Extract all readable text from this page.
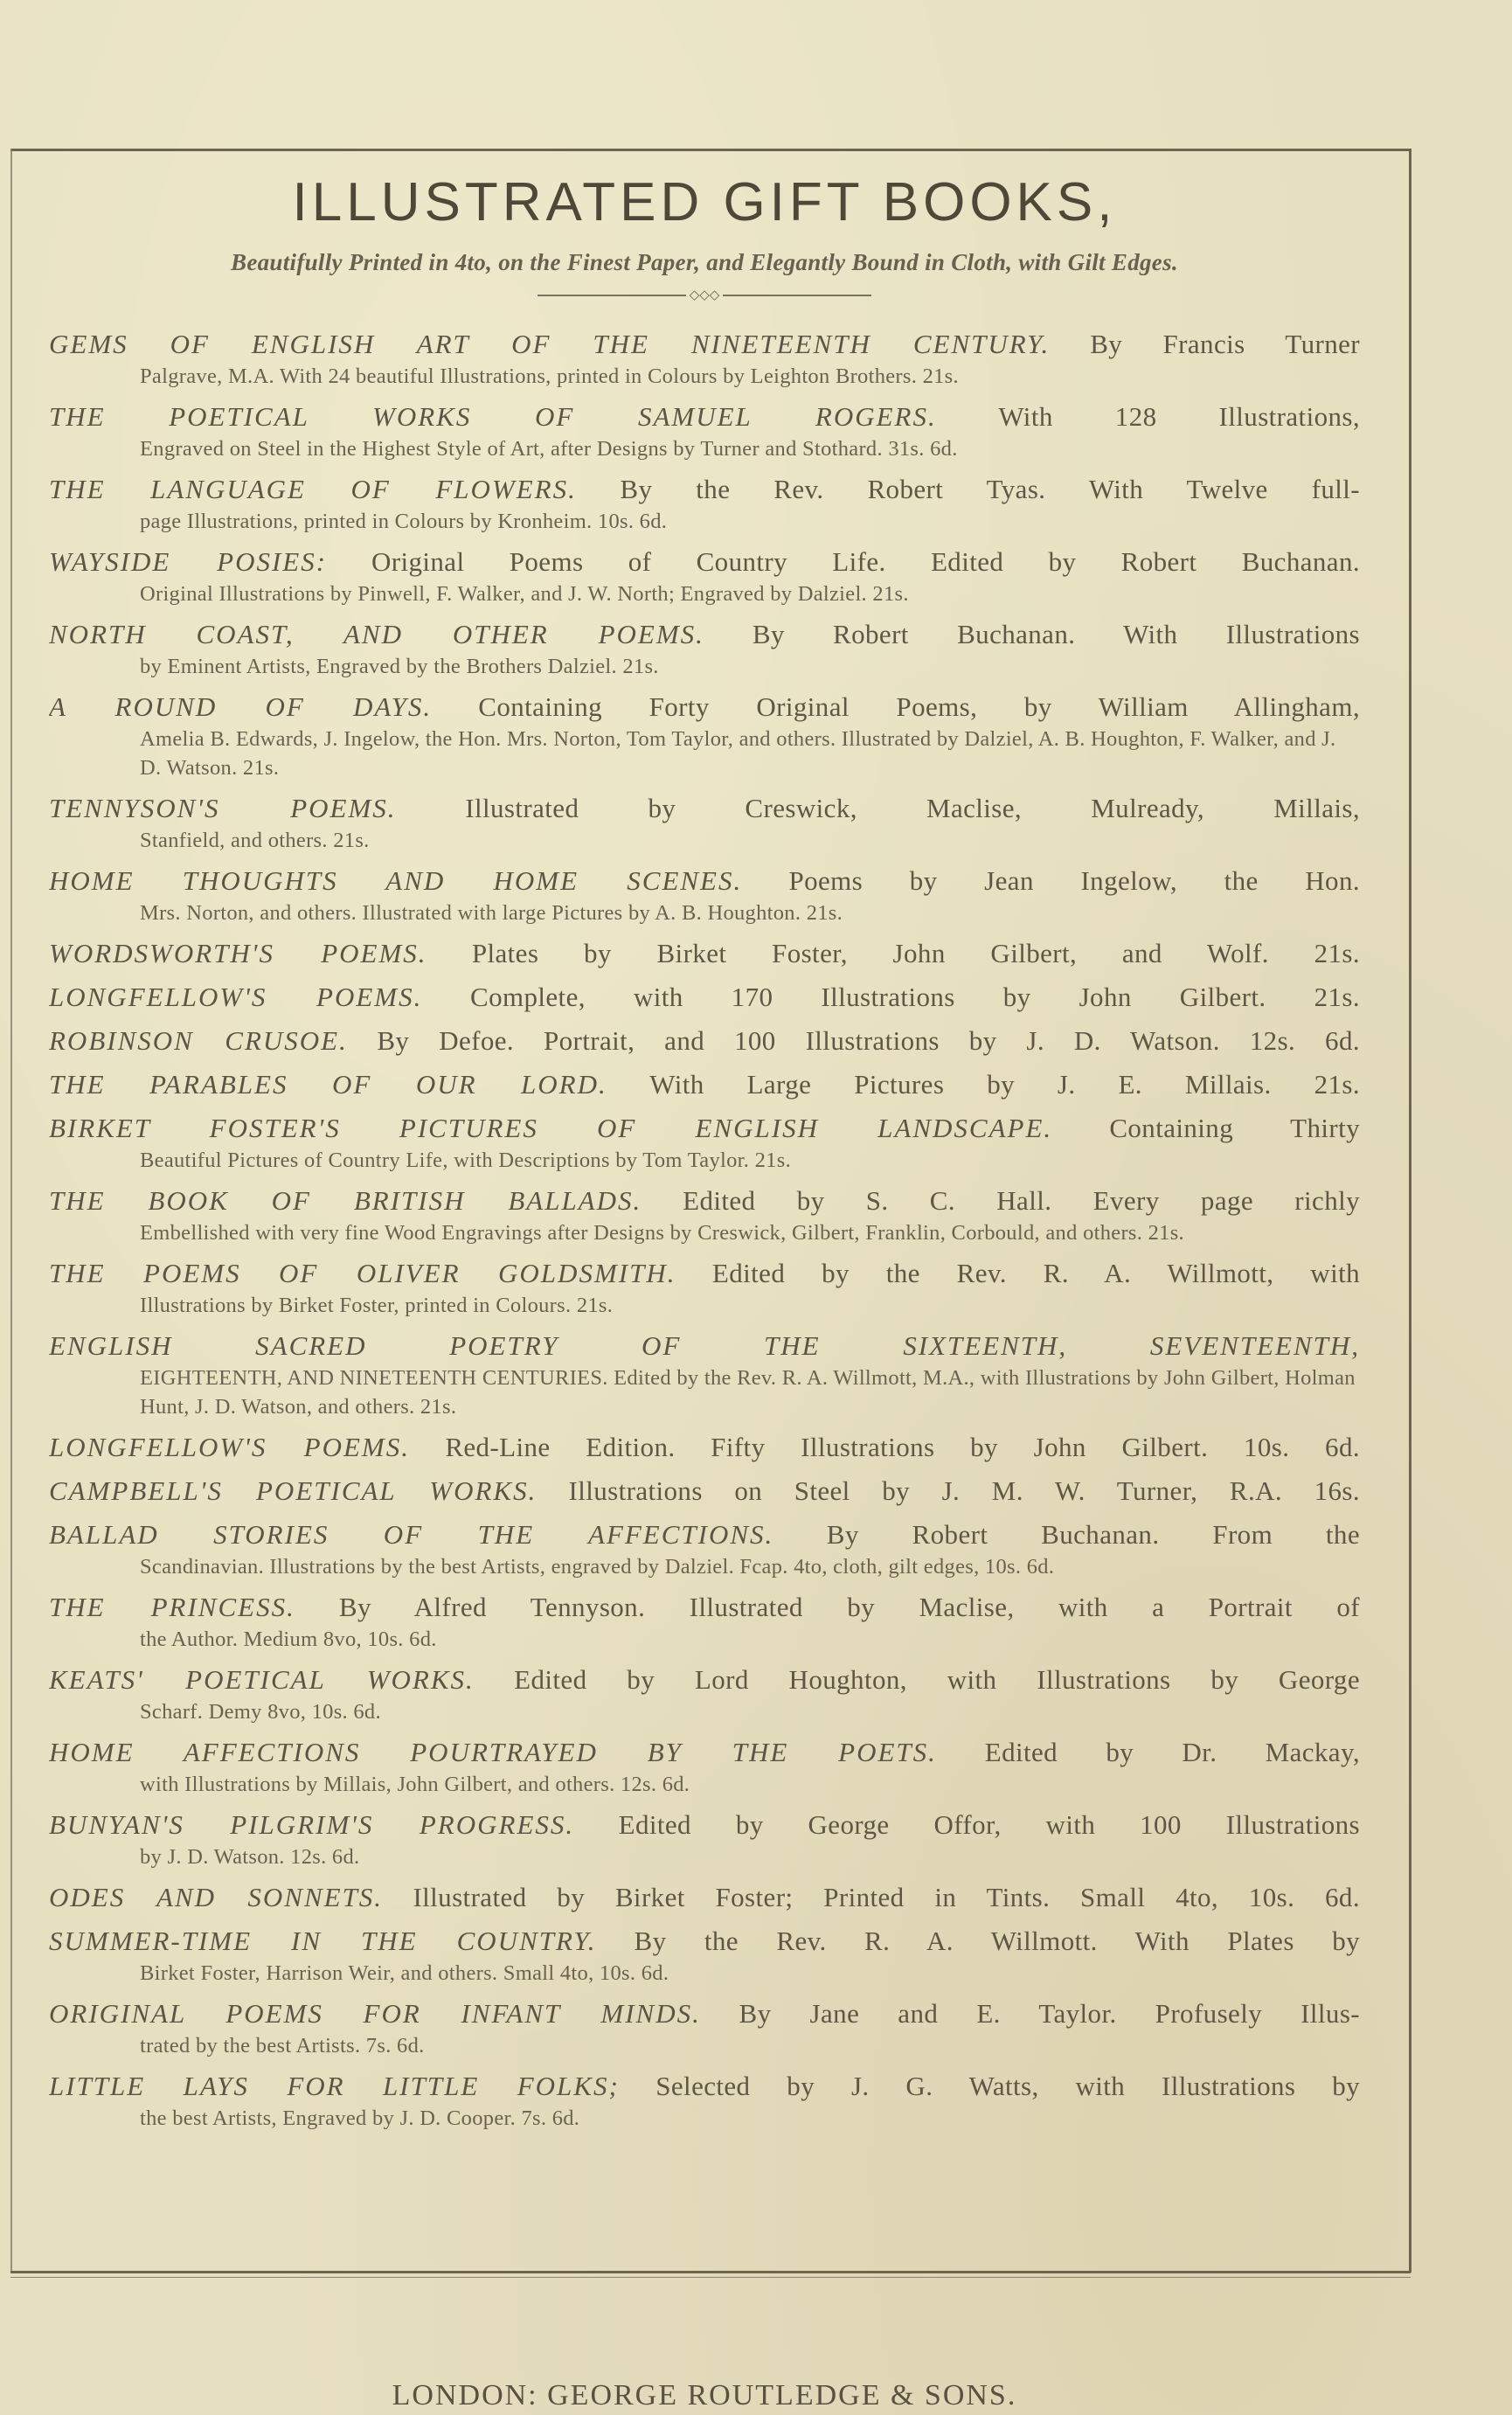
ILLUSTRATED GIFT BOOKS,
Beautifully Printed in 4to, on the Finest Paper, and Elegantly Bound in Cloth, with Gilt Edges.
◇◇◇
GEMS OF ENGLISH ART OF THE NINETEENTH CENTURY. By Francis Turner
Palgrave, M.A. With 24 beautiful Illustrations, printed in Colours by Leighton Brothers. 21s.
THE POETICAL WORKS OF SAMUEL ROGERS. With 128 Illustrations,
Engraved on Steel in the Highest Style of Art, after Designs by Turner and Stothard. 31s. 6d.
THE LANGUAGE OF FLOWERS. By the Rev. Robert Tyas. With Twelve full-
page Illustrations, printed in Colours by Kronheim. 10s. 6d.
WAYSIDE POSIES: Original Poems of Country Life. Edited by Robert Buchanan.
Original Illustrations by Pinwell, F. Walker, and J. W. North; Engraved by Dalziel. 21s.
NORTH COAST, AND OTHER POEMS. By Robert Buchanan. With Illustrations
by Eminent Artists, Engraved by the Brothers Dalziel. 21s.
A ROUND OF DAYS. Containing Forty Original Poems, by William Allingham,
Amelia B. Edwards, J. Ingelow, the Hon. Mrs. Norton, Tom Taylor, and others. Illustrated by Dalziel, A. B. Houghton, F. Walker, and J. D. Watson. 21s.
TENNYSON'S POEMS.	Illustrated by Creswick, Maclise, Mulready, Millais,
Stanfield, and others. 21s.
HOME THOUGHTS AND HOME SCENES. Poems by Jean Ingelow, the Hon.
Mrs. Norton, and others. Illustrated with large Pictures by A. B. Houghton. 21s.
WORDSWORTH'S POEMS. Plates by Birket Foster, John Gilbert, and Wolf. 21s.
LONGFELLOW'S POEMS. Complete, with 170 Illustrations by John Gilbert. 21s.
ROBINSON CRUSOE. By Defoe. Portrait, and 100 Illustrations by J. D. Watson. 12s. 6d.
THE PARABLES OF OUR LORD. With Large Pictures by J. E. Millais. 21s.
BIRKET FOSTER'S PICTURES OF ENGLISH LANDSCAPE. Containing Thirty
Beautiful Pictures of Country Life, with Descriptions by Tom Taylor. 21s.
THE BOOK OF BRITISH BALLADS. Edited by S. C. Hall. Every page richly
Embellished with very fine Wood Engravings after Designs by Creswick, Gilbert, Franklin, Corbould, and others. 21s.
THE POEMS OF OLIVER GOLDSMITH. Edited by the Rev. R. A. Willmott, with
Illustrations by Birket Foster, printed in Colours. 21s.
ENGLISH SACRED POETRY OF THE SIXTEENTH, SEVENTEENTH,
EIGHTEENTH, AND NINETEENTH CENTURIES. Edited by the Rev. R. A. Willmott, M.A., with Illustrations by John Gilbert, Holman Hunt, J. D. Watson, and others. 21s.
LONGFELLOW'S POEMS. Red-Line Edition. Fifty Illustrations by John Gilbert. 10s. 6d.
CAMPBELL'S POETICAL WORKS. Illustrations on Steel by J. M. W. Turner, R.A. 16s.
BALLAD STORIES OF THE AFFECTIONS. By Robert Buchanan. From the
Scandinavian. Illustrations by the best Artists, engraved by Dalziel. Fcap. 4to, cloth, gilt edges, 10s. 6d.
THE PRINCESS. By Alfred Tennyson. Illustrated by Maclise, with a Portrait of
the Author. Medium 8vo, 10s. 6d.
KEATS' POETICAL WORKS. Edited by Lord Houghton, with Illustrations by George
Scharf. Demy 8vo, 10s. 6d.
HOME AFFECTIONS POURTRAYED BY THE POETS. Edited by Dr. Mackay,
with Illustrations by Millais, John Gilbert, and others. 12s. 6d.
BUNYAN'S PILGRIM'S PROGRESS. Edited by George Offor, with 100 Illustrations
by J. D. Watson. 12s. 6d.
ODES AND SONNETS. Illustrated by Birket Foster; Printed in Tints. Small 4to, 10s. 6d.
SUMMER-TIME IN THE COUNTRY. By the Rev. R. A. Willmott. With Plates by
Birket Foster, Harrison Weir, and others. Small 4to, 10s. 6d.
ORIGINAL POEMS FOR INFANT MINDS. By Jane and E. Taylor. Profusely Illus-
trated by the best Artists. 7s. 6d.
LITTLE LAYS FOR LITTLE FOLKS; Selected by J. G. Watts, with Illustrations by
the best Artists, Engraved by J. D. Cooper. 7s. 6d.
LONDON: GEORGE ROUTLEDGE & SONS.
